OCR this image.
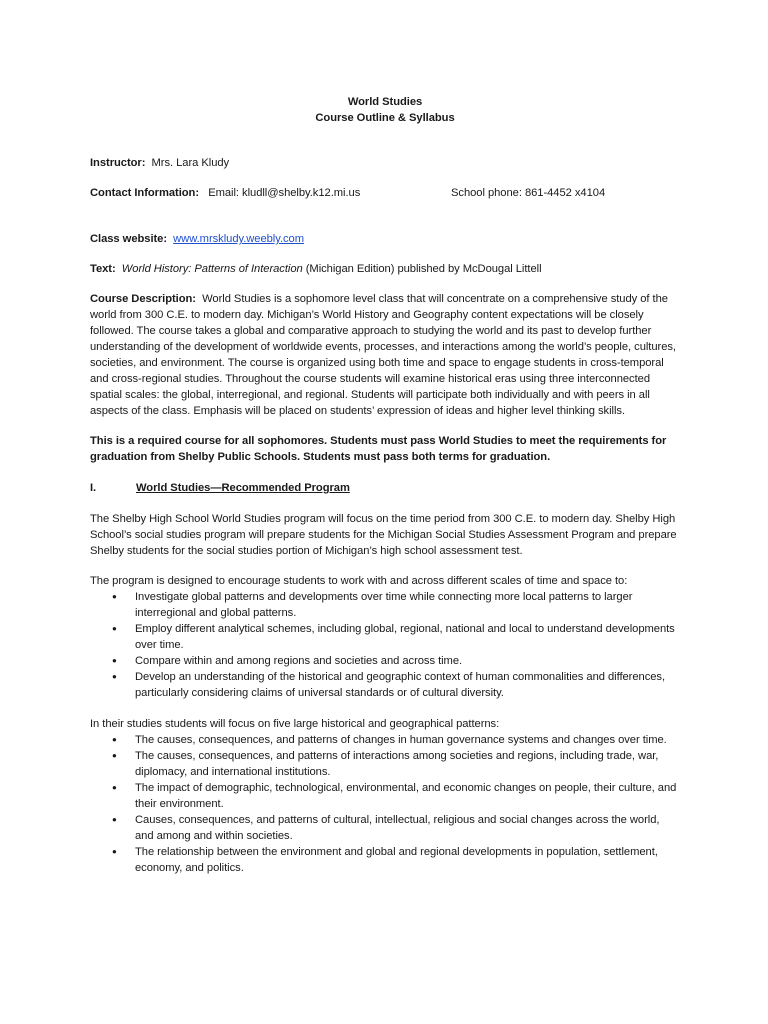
World Studies

Course Outline & Syllabus

Instructor: Mrs. Lara Kludy

Contact Information: Email: kludll@shelby.k12.mi.us	School phone: 861-4452 x4104

Class website: www.mrskludy.weebly.com

Text: World History: Patterns of Interaction (Michigan Edition) published by McDougal Littell

Course Description: World Studies is a sophomore level class that will concentrate on a comprehensive study of the world from 300 C.E. to modern day. Michigan’s World History and Geography content expectations will be closely followed. The course takes a global and comparative approach to studying the world and its past to develop further understanding of the development of worldwide events, processes, and interactions among the world’s people, cultures, societies, and environment. The course is organized using both time and space to engage students in cross-temporal and cross-regional studies. Throughout the course students will examine historical eras using three interconnected spatial scales: the global, interregional, and regional. Students will participate both individually and with peers in all aspects of the class. Emphasis will be placed on students’ expression of ideas and higher level thinking skills.

This is a required course for all sophomores. Students must pass World Studies to meet the requirements for graduation from Shelby Public Schools. Students must pass both terms for graduation.

I.	World Studies—Recommended Program

The Shelby High School World Studies program will focus on the time period from 300 C.E. to modern day. Shelby High School’s social studies program will prepare students for the Michigan Social Studies Assessment Program and prepare Shelby students for the social studies portion of Michigan’s high school assessment test.

The program is designed to encourage students to work with and across different scales of time and space to:

● Investigate global patterns and developments over time while connecting more local patterns to larger interregional and global patterns.
● Employ different analytical schemes, including global, regional, national and local to understand developments over time.
● Compare within and among regions and societies and across time.
● Develop an understanding of the historical and geographic context of human commonalities and differences, particularly considering claims of universal standards or of cultural diversity.

In their studies students will focus on five large historical and geographical patterns:

● The causes, consequences, and patterns of changes in human governance systems and changes over time.
● The causes, consequences, and patterns of interactions among societies and regions, including trade, war, diplomacy, and international institutions.
● The impact of demographic, technological, environmental, and economic changes on people, their culture, and their environment.
● Causes, consequences, and patterns of cultural, intellectual, religious and social changes across the world, and among and within societies.
● The relationship between the environment and global and regional developments in population, settlement, economy, and politics.
